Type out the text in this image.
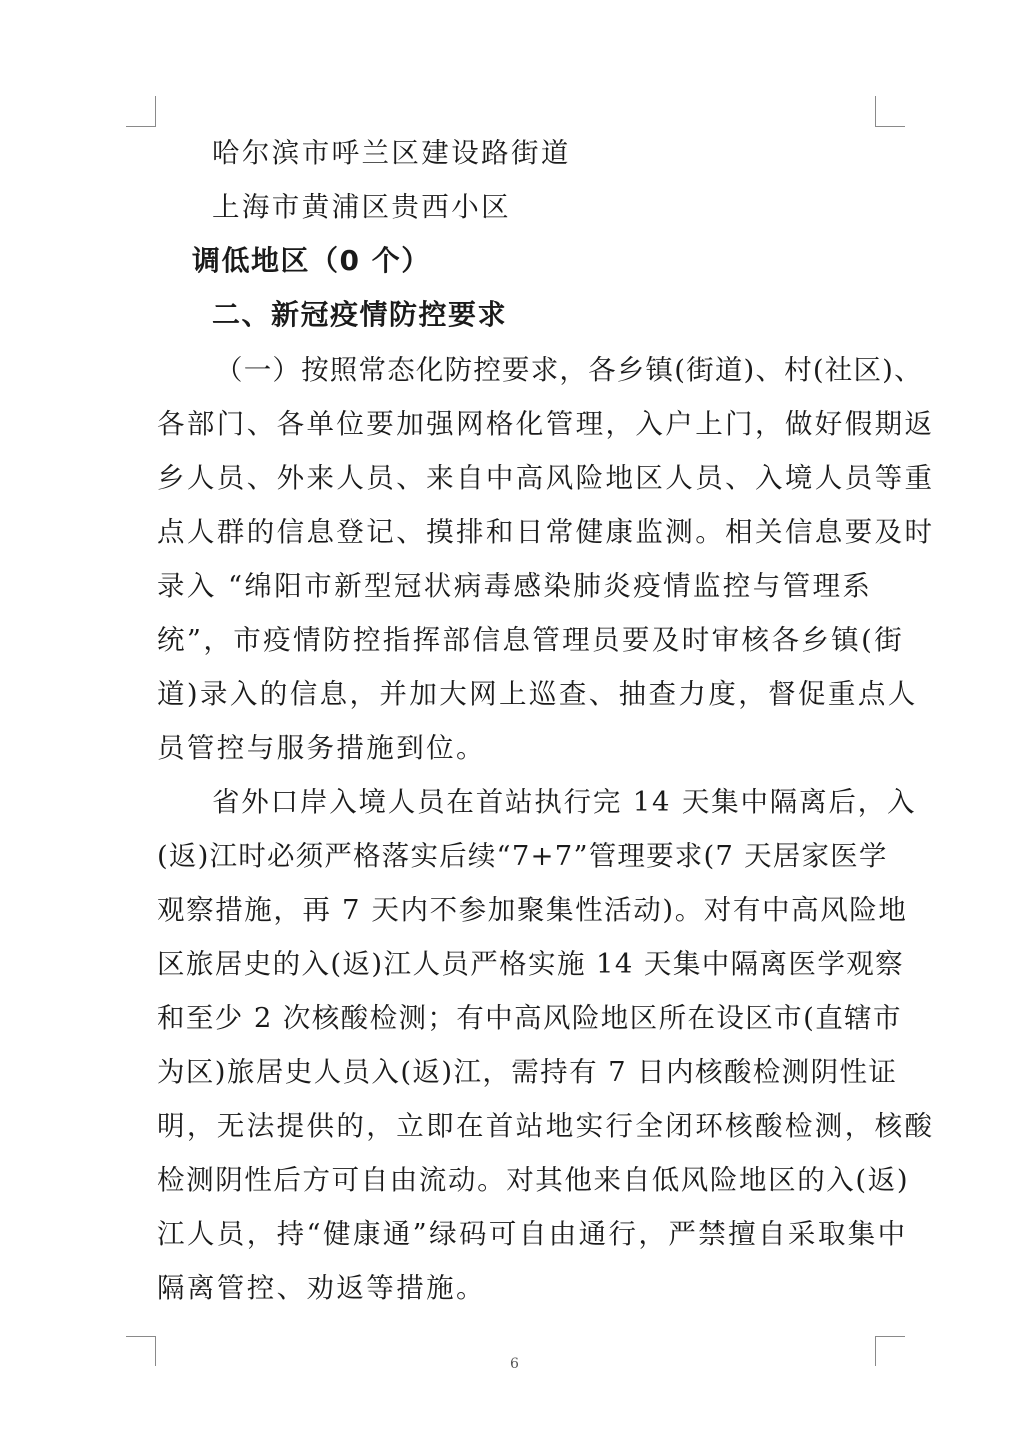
哈尔滨市呼兰区建设路街道
上海市黄浦区贵西小区
调低地区（0 个）
二、新冠疫情防控要求
（一）按照常态化防控要求，各乡镇(街道)、村(社区)、
各部门、各单位要加强网格化管理，入户上门，做好假期返
乡人员、外来人员、来自中高风险地区人员、入境人员等重
点人群的信息登记、摸排和日常健康监测。相关信息要及时
录入 “绵阳市新型冠状病毒感染肺炎疫情监控与管理系
统”，市疫情防控指挥部信息管理员要及时审核各乡镇(街
道)录入的信息，并加大网上巡查、抽查力度，督促重点人
员管控与服务措施到位。
省外口岸入境人员在首站执行完 14 天集中隔离后，入
(返)江时必须严格落实后续“7+7”管理要求(7 天居家医学
观察措施，再 7 天内不参加聚集性活动)。对有中高风险地
区旅居史的入(返)江人员严格实施 14 天集中隔离医学观察
和至少 2 次核酸检测；有中高风险地区所在设区市(直辖市
为区)旅居史人员入(返)江，需持有 7 日内核酸检测阴性证
明，无法提供的，立即在首站地实行全闭环核酸检测，核酸
检测阴性后方可自由流动。对其他来自低风险地区的入(返)
江人员，持“健康通”绿码可自由通行，严禁擅自采取集中
隔离管控、劝返等措施。
6
